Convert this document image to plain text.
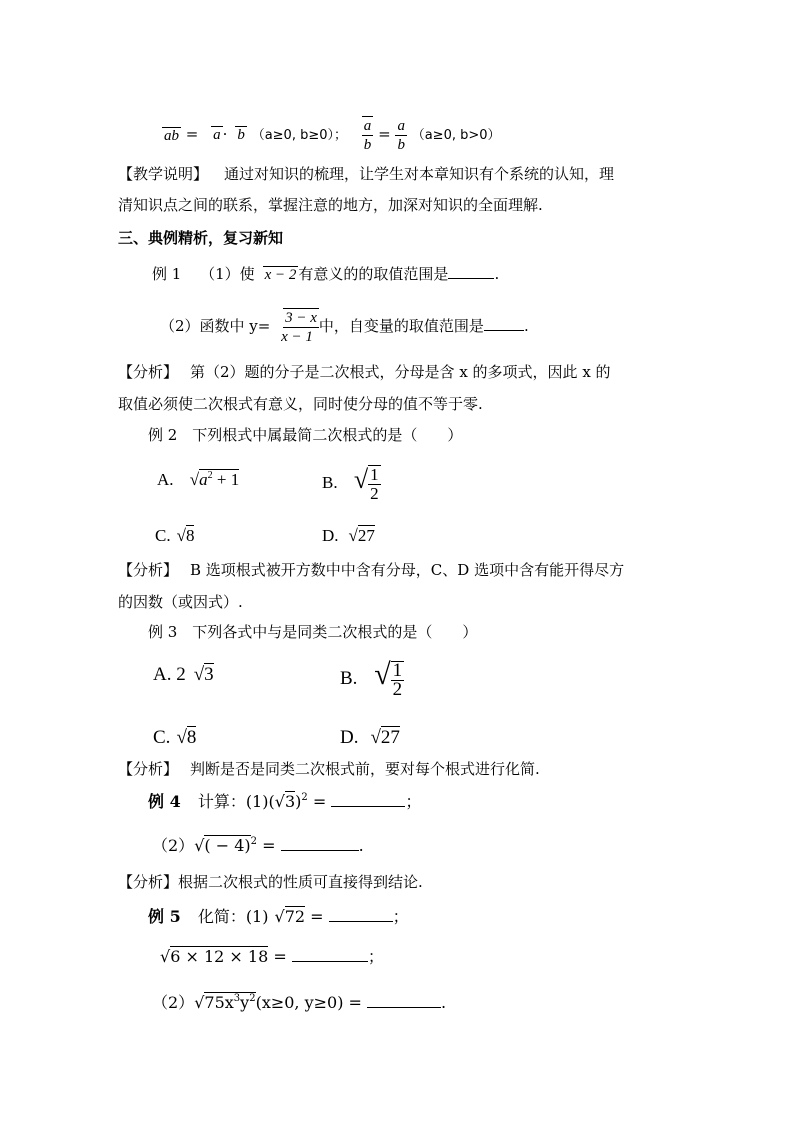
ab = a · b （a≥0, b≥0）； $\frac{a}{b} = \frac{a}{b} (a\ge 0$, b>0）
【教学说明】 通过对知识的梳理，让学生对本章知识有个系统的认知，理
清知识点之间的联系，掌握注意的地方，加深对知识的全面理解.
三、典例精析，复习新知
例 1 （1）使 x − 2 有意义的的取值范围是	.
（2）函数中 $y= \frac{3 - x}{x - 1}$ 中，自变量的取值范围是	.
【分析】 第（2）题的分子是二次根式，分母是含 x 的多项式，因此 x 的
取值必须使二次根式有意义，同时使分母的值不等于零.
例 2　下列根式中属最简二次根式的是（　　）
A. $√a^2 + 1$	B. √ $\frac{1}{2}$
C. √8	D. √27
【分析】 B 选项根式被开方数中中含有分母，C、D 选项中含有能开得尽方
的因数（或因式）.
例 3　下列各式中与是同类二次根式的是（　　）
A. 2 √3	B. √ $\frac{1}{2}$
C. √8	D. √27
【分析】 判断是否是同类二次根式前，要对每个根式进行化简.
例 4 计算：$(1)(√3)^2$ =	；
$(2)√( - 4)^2$ =	.
【分析】根据二次根式的性质可直接得到结论.
例 5 化简：(1) √72 =	；
√6 × 12 × 18 =	；
$(2)√75x^3y^2(x\ge 0$, y≥0) =	.
